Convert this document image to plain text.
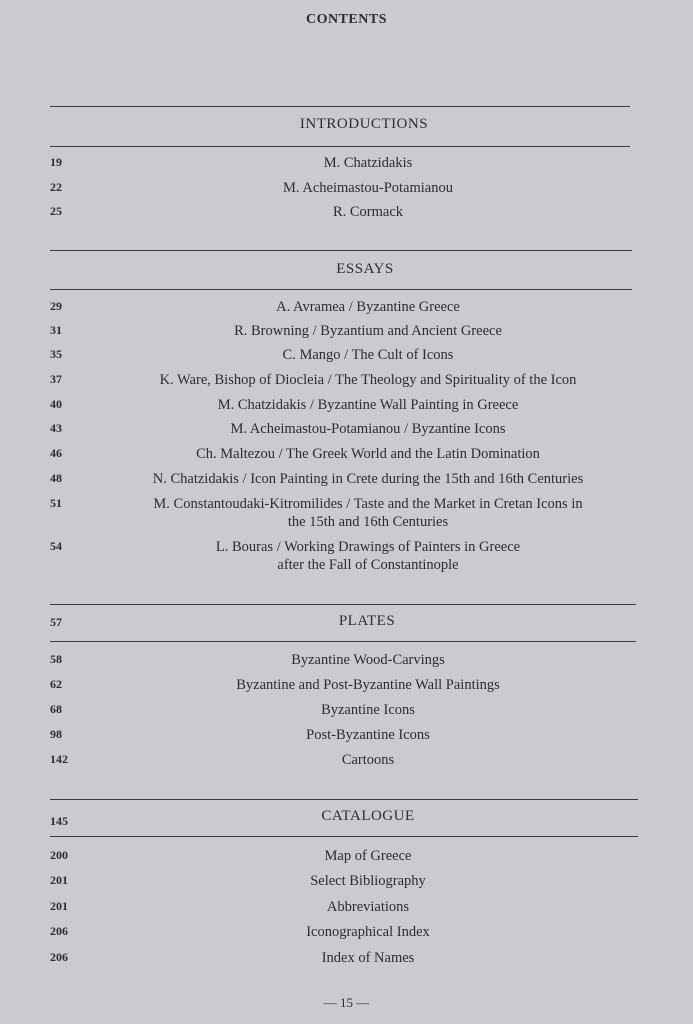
CONTENTS
INTRODUCTIONS
19	M. Chatzidakis
22	M. Acheimastou-Potamianou
25	R. Cormack
ESSAYS
29	A. Avramea / Byzantine Greece
31	R. Browning / Byzantium and Ancient Greece
35	C. Mango / The Cult of Icons
37	K. Ware, Bishop of Diocleia / The Theology and Spirituality of the Icon
40	M. Chatzidakis / Byzantine Wall Painting in Greece
43	M. Acheimastou-Potamianou / Byzantine Icons
46	Ch. Maltezou / The Greek World and the Latin Domination
48	N. Chatzidakis / Icon Painting in Crete during the 15th and 16th Centuries
51	M. Constantoudaki-Kitromilides / Taste and the Market in Cretan Icons in
the 15th and 16th Centuries
54	L. Bouras / Working Drawings of Painters in Greece
after the Fall of Constantinople
57	PLATES
58	Byzantine Wood-Carvings
62	Byzantine and Post-Byzantine Wall Paintings
68	Byzantine Icons
98	Post-Byzantine Icons
142	Cartoons
145	CATALOGUE
200	Map of Greece
201	Select Bibliography
201	Abbreviations
206	Iconographical Index
206	Index of Names
— 15 —
